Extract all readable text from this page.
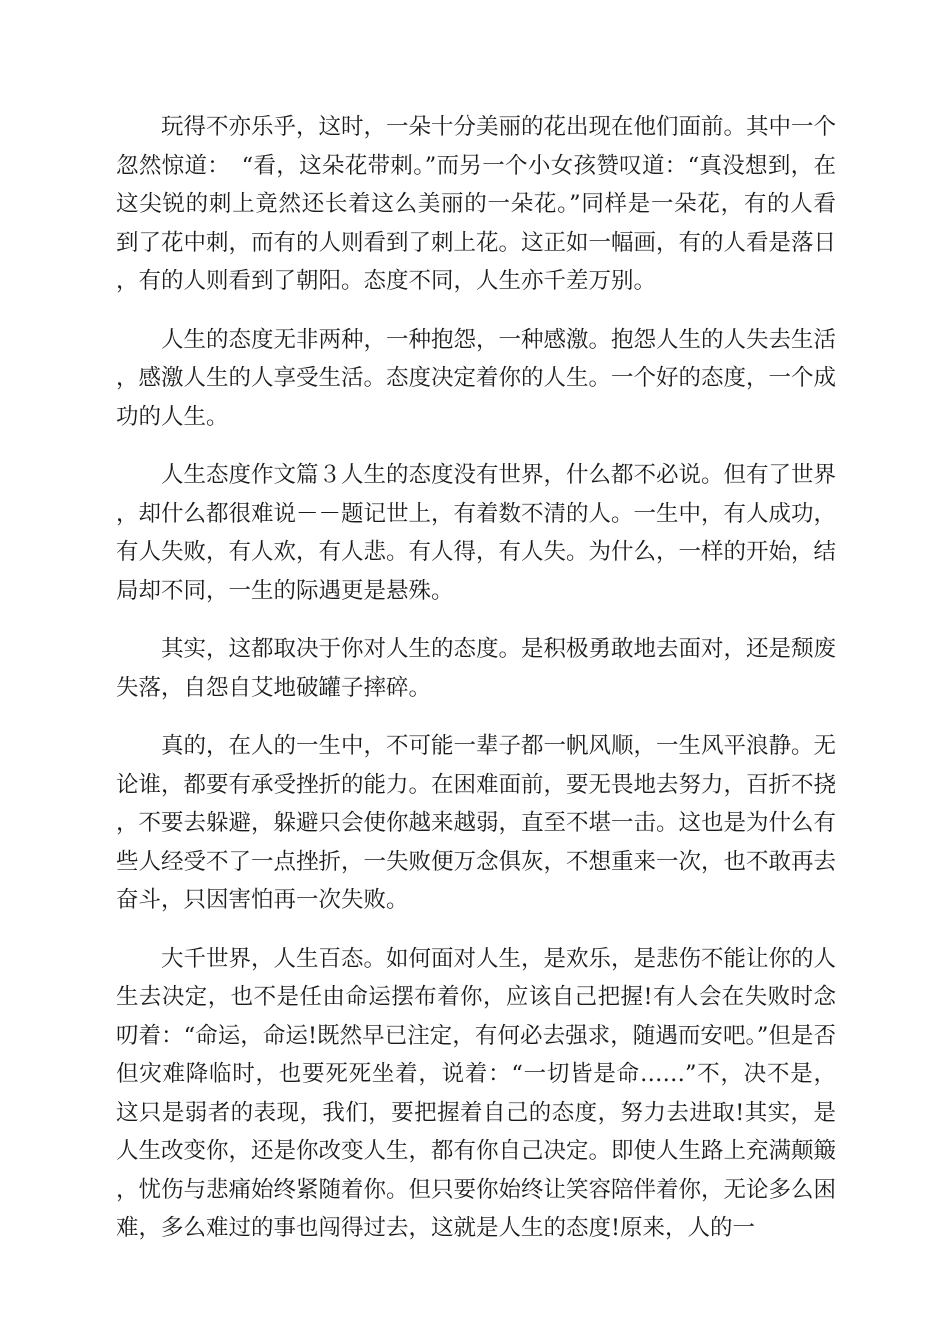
玩得不亦乐乎，这时，一朵十分美丽的花出现在他们面前。其中一个忽然惊道：　“看，这朵花带刺。”而另一个小女孩赞叹道：“真没想到，在这尖锐的刺上竟然还长着这么美丽的一朵花。”同样是一朵花，有的人看到了花中刺，而有的人则看到了刺上花。这正如一幅画，有的人看是落日，有的人则看到了朝阳。态度不同，人生亦千差万别。

人生的态度无非两种，一种抱怨，一种感激。抱怨人生的人失去生活，感激人生的人享受生活。态度决定着你的人生。一个好的态度，一个成功的人生。

人生态度作文篇３人生的态度没有世界，什么都不必说。但有了世界，却什么都很难说－－题记世上，有着数不清的人。一生中，有人成功，有人失败，有人欢，有人悲。有人得，有人失。为什么，一样的开始，结局却不同，一生的际遇更是悬殊。

其实，这都取决于你对人生的态度。是积极勇敢地去面对，还是颓废失落，自怨自艾地破罐子摔碎。

真的，在人的一生中，不可能一辈子都一帆风顺，一生风平浪静。无论谁，都要有承受挫折的能力。在困难面前，要无畏地去努力，百折不挠，不要去躲避，躲避只会使你越来越弱，直至不堪一击。这也是为什么有些人经受不了一点挫折，一失败便万念俱灰，不想重来一次，也不敢再去奋斗，只因害怕再一次失败。

大千世界，人生百态。如何面对人生，是欢乐，是悲伤不能让你的人生去决定，也不是任由命运摆布着你，应该自己把握!有人会在失败时念叨着：“命运，命运!既然早已注定，有何必去强求，随遇而安吧。”但是否但灾难降临时，也要死死坐着，说着：“一切皆是命……”不，决不是，这只是弱者的表现，我们，要把握着自己的态度，努力去进取!其实，是人生改变你，还是你改变人生，都有你自己决定。即使人生路上充满颠簸，忧伤与悲痛始终紧随着你。但只要你始终让笑容陪伴着你，无论多么困难，多么难过的事也闯得过去，这就是人生的态度!原来，人的一
